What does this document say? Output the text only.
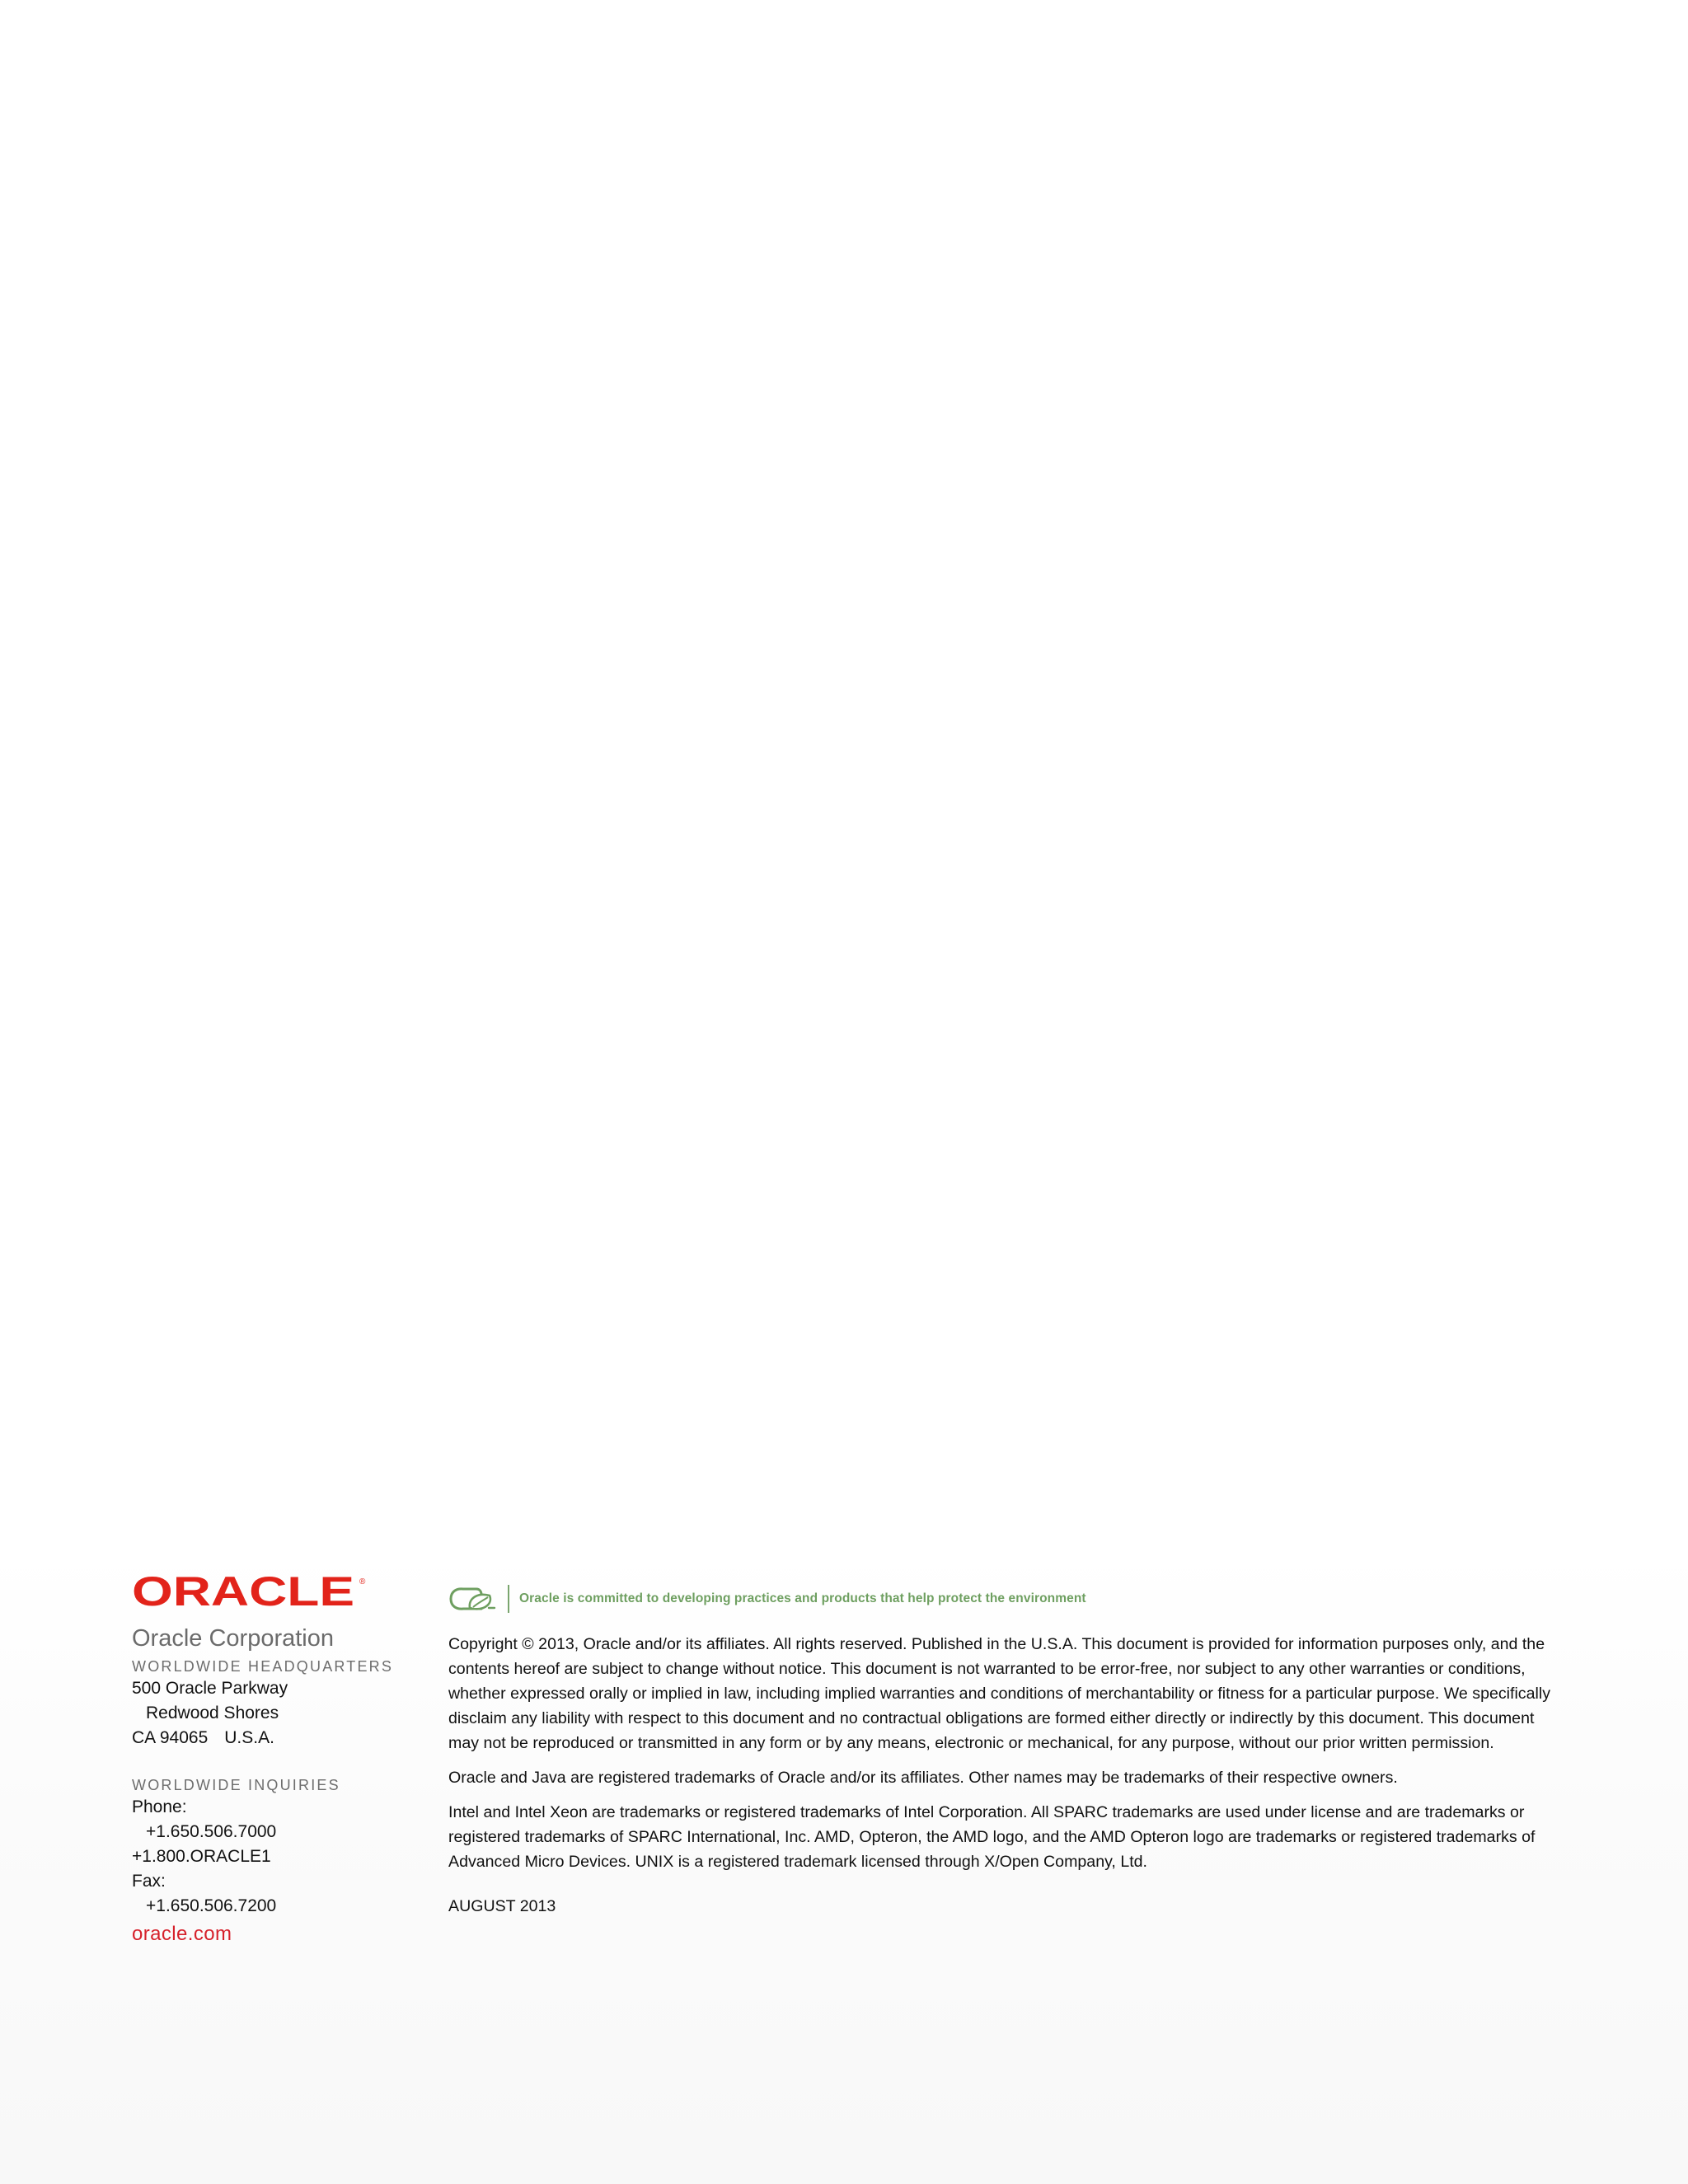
ORACLE ®
Oracle Corporation
WORLDWIDE HEADQUARTERS
500 Oracle Parkway
Redwood Shores
CA 94065 U.S.A.
WORLDWIDE INQUIRIES
Phone:
+1.650.506.7000
+1.800.ORACLE1
Fax:
+1.650.506.7200
oracle.com
Oracle is committed to developing practices and products that help protect the environment

Copyright © 2013, Oracle and/or its affiliates. All rights reserved. Published in the U.S.A. This document is provided for information purposes only, and the contents hereof are subject to change without notice. This document is not warranted to be error-free, nor subject to any other warranties or conditions, whether expressed orally or implied in law, including implied warranties and conditions of merchantability or fitness for a particular purpose. We specifically disclaim any liability with respect to this document and no contractual obligations are formed either directly or indirectly by this document. This document may not be reproduced or transmitted in any form or by any means, electronic or mechanical, for any purpose, without our prior written permission.

Oracle and Java are registered trademarks of Oracle and/or its affiliates. Other names may be trademarks of their respective owners.

Intel and Intel Xeon are trademarks or registered trademarks of Intel Corporation. All SPARC trademarks are used under license and are trademarks or registered trademarks of SPARC International, Inc. AMD, Opteron, the AMD logo, and the AMD Opteron logo are trademarks or registered trademarks of Advanced Micro Devices. UNIX is a registered trademark licensed through X/Open Company, Ltd.

AUGUST 2013
